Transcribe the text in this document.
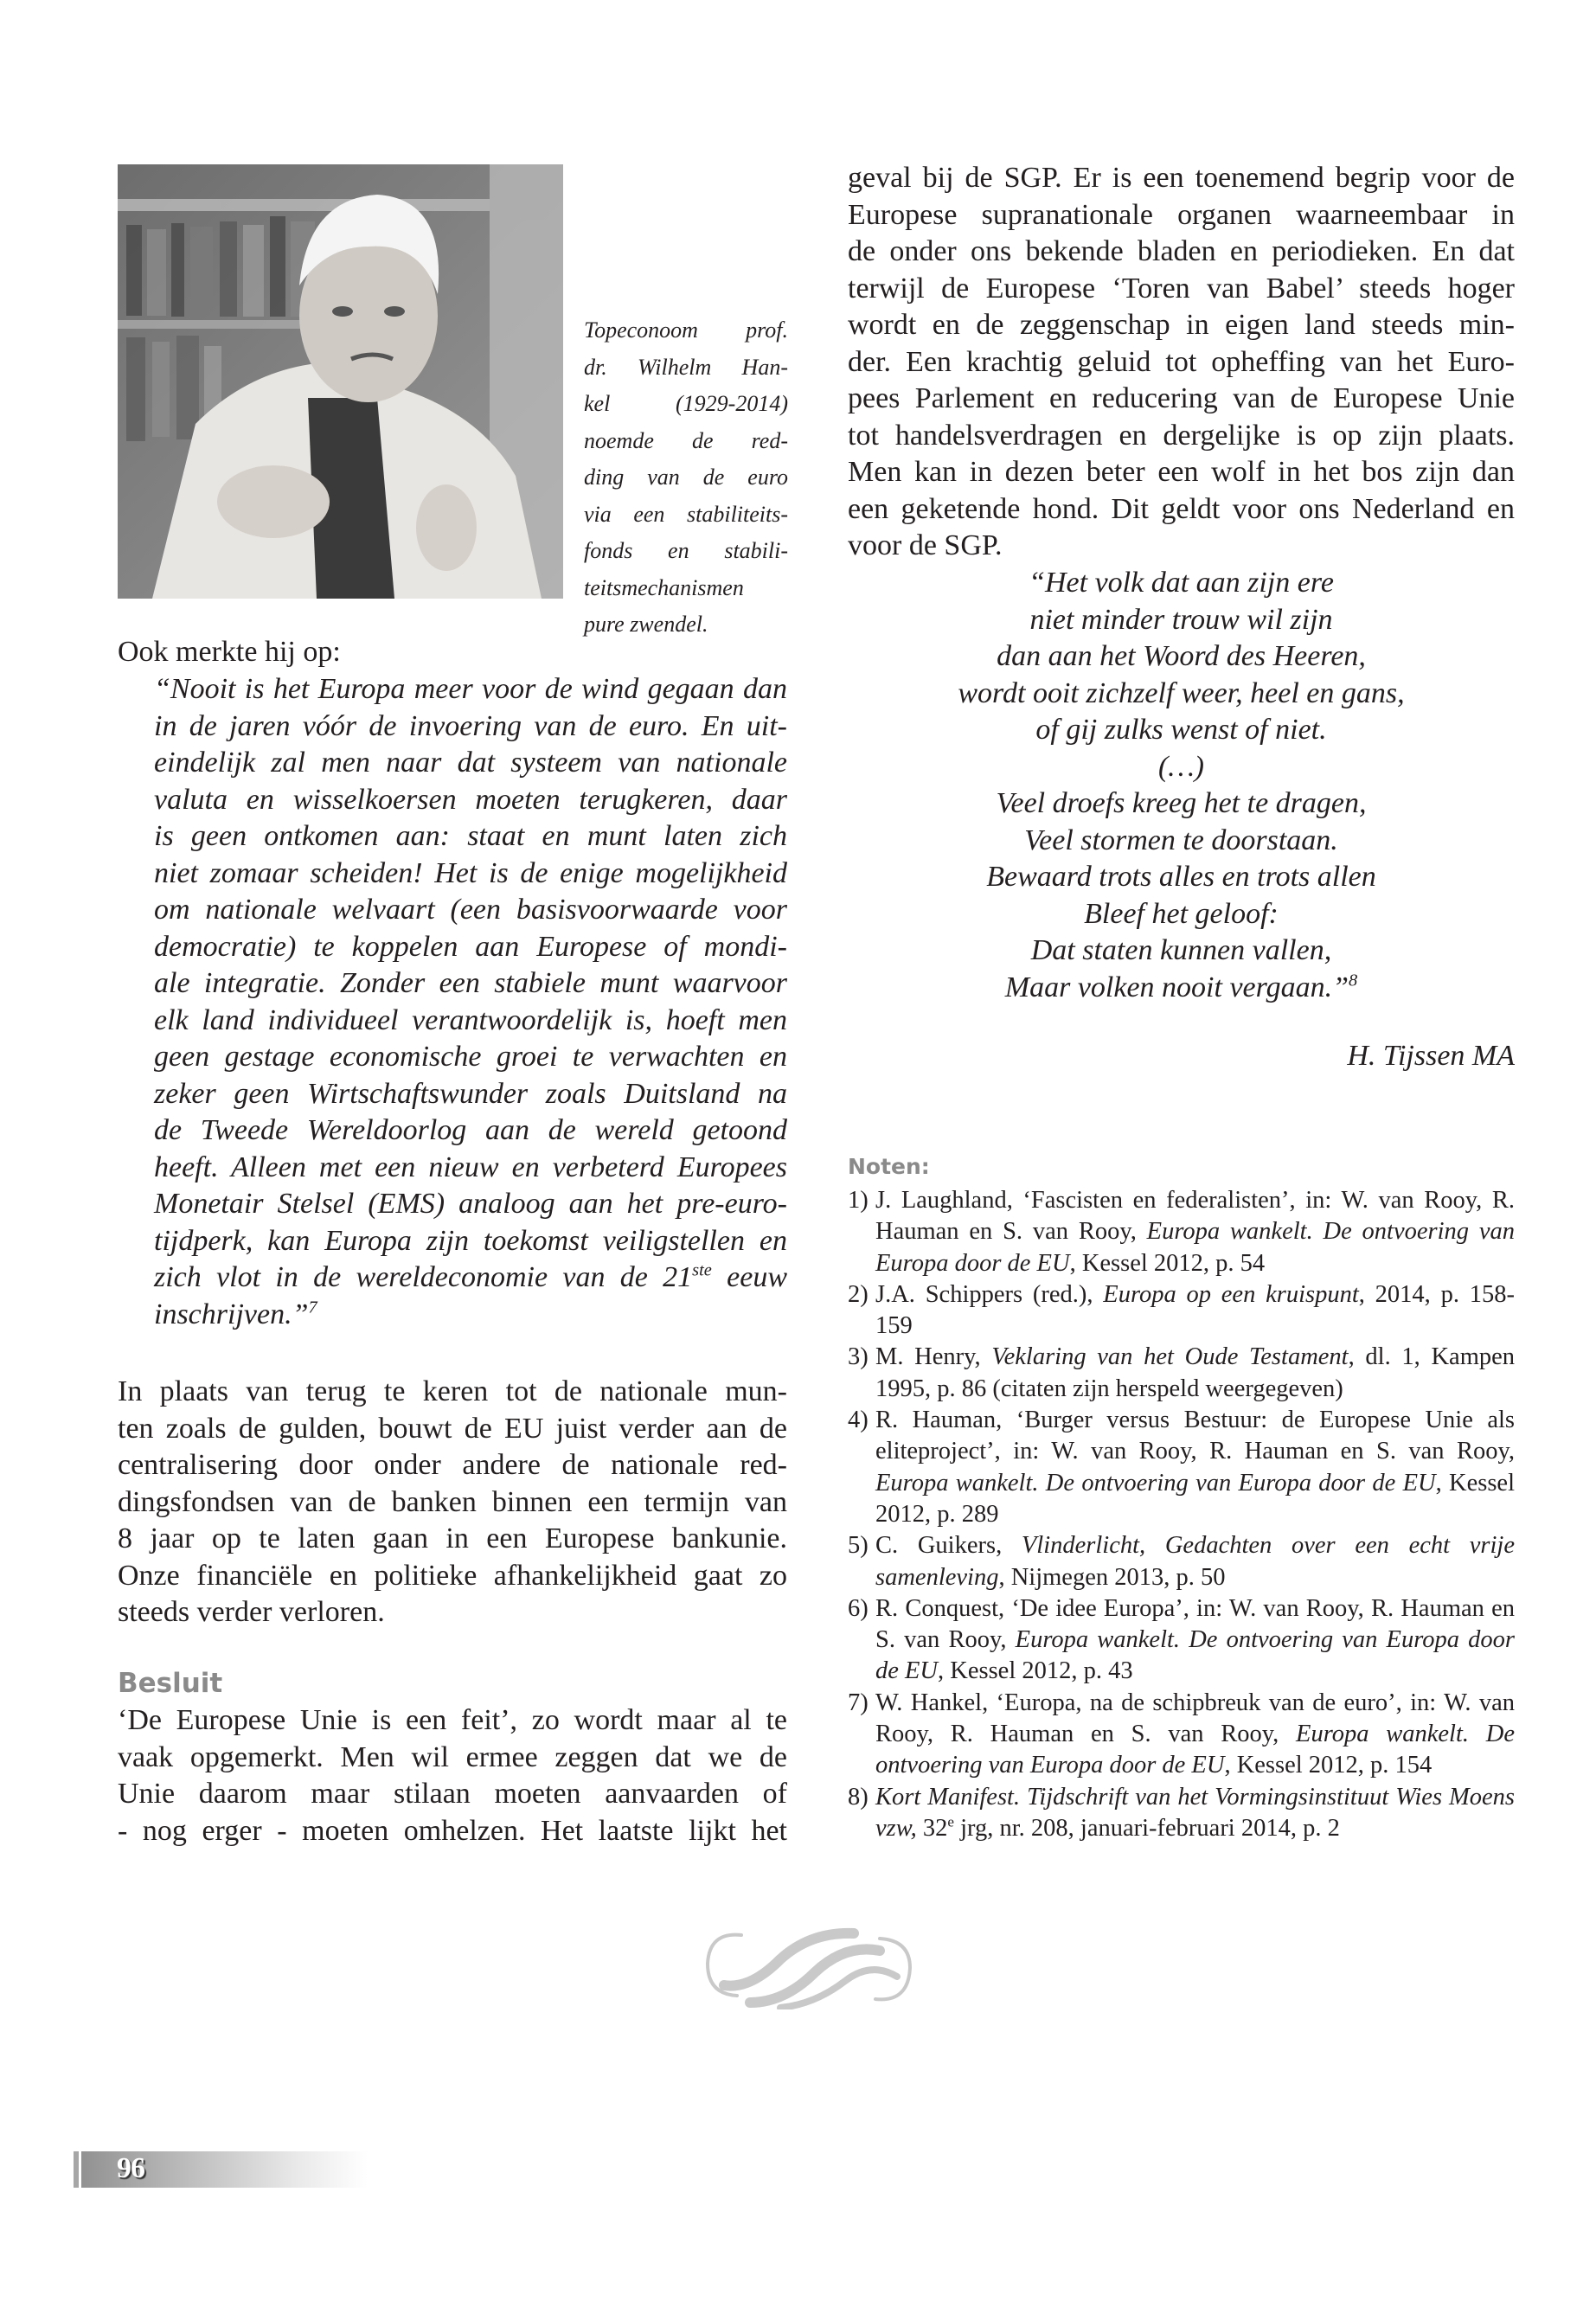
Topeconoom prof.
dr. Wilhelm Han-
kel (1929-2014)
noemde de red-
ding van de euro
via een stabiliteits-
fonds en stabili-
teitsmechanismen
pure zwendel.
Ook merkte hij op:
“Nooit is het Europa meer voor de wind gegaan dan
in de jaren vóór de invoering van de euro. En uit-
eindelijk zal men naar dat systeem van nationale
valuta en wisselkoersen moeten terugkeren, daar
is geen ontkomen aan: staat en munt laten zich
niet zomaar scheiden! Het is de enige mogelijkheid
om nationale welvaart (een basisvoorwaarde voor
democratie) te koppelen aan Europese of mondi-
ale integratie. Zonder een stabiele munt waarvoor
elk land individueel verantwoordelijk is, hoeft men
geen gestage economische groei te verwachten en
zeker geen Wirtschaftswunder zoals Duitsland na
de Tweede Wereldoorlog aan de wereld getoond
heeft. Alleen met een nieuw en verbeterd Europees
Monetair Stelsel (EMS) analoog aan het pre-euro-
tijdperk, kan Europa zijn toekomst veiligstellen en
zich vlot in de wereldeconomie van de 21ste eeuw
inschrijven.”$^7$
In plaats van terug te keren tot de nationale mun-
ten zoals de gulden, bouwt de EU juist verder aan de
centralisering door onder andere de nationale red-
dingsfondsen van de banken binnen een termijn van
8 jaar op te laten gaan in een Europese bankunie.
Onze financiële en politieke afhankelijkheid gaat zo
steeds verder verloren.
Besluit
‘De Europese Unie is een feit’, zo wordt maar al te
vaak opgemerkt. Men wil ermee zeggen dat we de
Unie daarom maar stilaan moeten aanvaarden of
- nog erger - moeten omhelzen. Het laatste lijkt het
geval bij de SGP. Er is een toenemend begrip voor de
Europese supranationale organen waarneembaar in
de onder ons bekende bladen en periodieken. En dat
terwijl de Europese ‘Toren van Babel’ steeds hoger
wordt en de zeggenschap in eigen land steeds min-
der. Een krachtig geluid tot opheffing van het Euro-
pees Parlement en reducering van de Europese Unie
tot handelsverdragen en dergelijke is op zijn plaats.
Men kan in dezen beter een wolf in het bos zijn dan
een geketende hond. Dit geldt voor ons Nederland en
voor de SGP.
“Het volk dat aan zijn ere
niet minder trouw wil zijn
dan aan het Woord des Heeren,
wordt ooit zichzelf weer, heel en gans,
of gij zulks wenst of niet.
(…)
Veel droefs kreeg het te dragen,
Veel stormen te doorstaan.
Bewaard trots alles en trots allen
Bleef het geloof:
Dat staten kunnen vallen,
Maar volken nooit vergaan.”$^8$
H. Tijssen MA
Noten:
1) J. Laughland, ‘Fascisten en federalisten’, in: W. van Rooy, R. Hauman en S. van Rooy, Europa wankelt. De ontvoering van Europa door de EU, Kessel 2012, p. 54
2) J.A. Schippers (red.), Europa op een kruispunt, 2014, p. 158-159
3) M. Henry, Veklaring van het Oude Testament, dl. 1, Kampen 1995, p. 86 (citaten zijn herspeld weergegeven)
4) R. Hauman, ‘Burger versus Bestuur: de Europese Unie als eliteproject’, in: W. van Rooy, R. Hauman en S. van Rooy, Europa wankelt. De ontvoering van Europa door de EU, Kessel 2012, p. 289
5) C. Guikers, Vlinderlicht, Gedachten over een echt vrije samenleving, Nijmegen 2013, p. 50
6) R. Conquest, ‘De idee Europa’, in: W. van Rooy, R. Hauman en S. van Rooy, Europa wankelt. De ontvoering van Europa door de EU, Kessel 2012, p. 43
7) W. Hankel, ‘Europa, na de schipbreuk van de euro’, in: W. van Rooy, R. Hauman en S. van Rooy, Europa wankelt. De ontvoering van Europa door de EU, Kessel 2012, p. 154
8) Kort Manifest. Tijdschrift van het Vormingsinstituut Wies Moens vzw, 32e jrg, nr. 208, januari-februari 2014, p. 2
96
